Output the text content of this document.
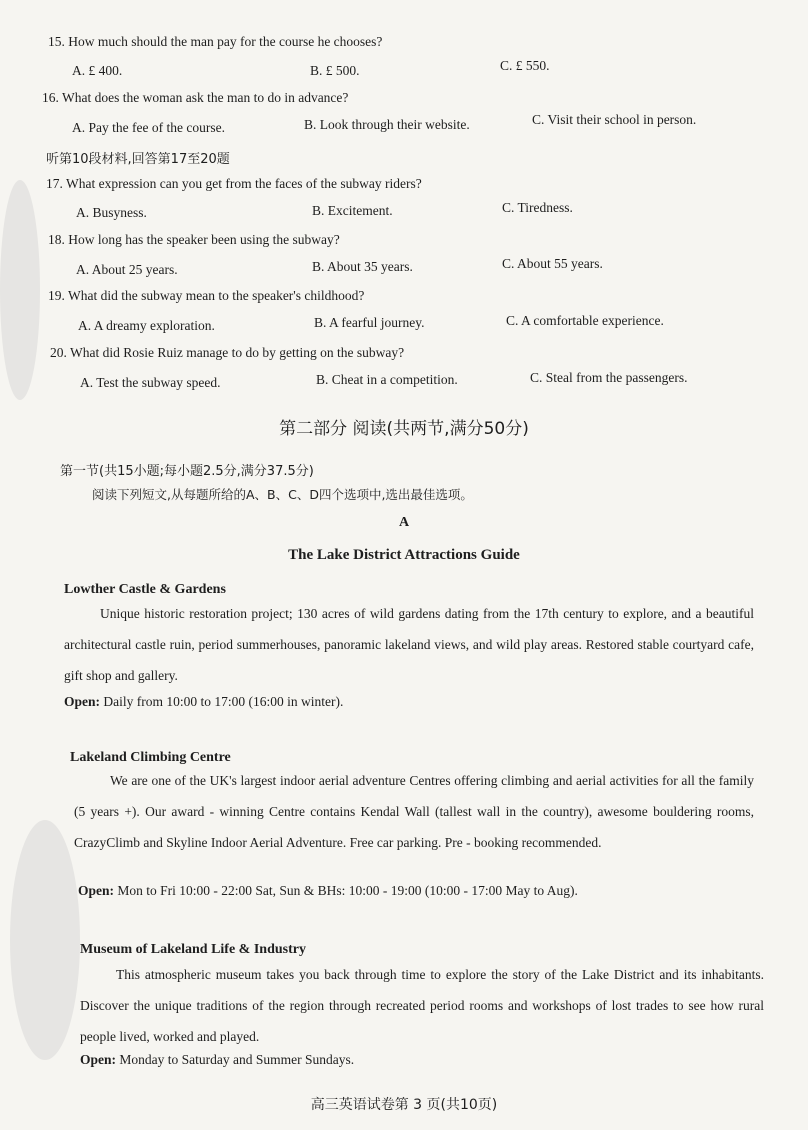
15. How much should the man pay for the course he chooses?
A. £ 400.	B. £ 500.	C. £ 550.
16. What does the woman ask the man to do in advance?
A. Pay the fee of the course.	B. Look through their website.	C. Visit their school in person.
听第10段材料,回答第17至20题
17. What expression can you get from the faces of the subway riders?
A. Busyness.	B. Excitement.	C. Tiredness.
18. How long has the speaker been using the subway?
A. About 25 years.	B. About 35 years.	C. About 55 years.
19. What did the subway mean to the speaker's childhood?
A. A dreamy exploration.	B. A fearful journey.	C. A comfortable experience.
20. What did Rosie Ruiz manage to do by getting on the subway?
A. Test the subway speed.	B. Cheat in a competition.	C. Steal from the passengers.
第二部分 阅读(共两节,满分50分)
第一节(共15小题;每小题2.5分,满分37.5分)
阅读下列短文,从每题所给的A、B、C、D四个选项中,选出最佳选项。
A
The Lake District Attractions Guide
Lowther Castle & Gardens
Unique historic restoration project; 130 acres of wild gardens dating from the 17th century to explore, and a beautiful architectural castle ruin, period summerhouses, panoramic lakeland views, and wild play areas. Restored stable courtyard cafe, gift shop and gallery.
Open: Daily from 10:00 to 17:00 (16:00 in winter).
Lakeland Climbing Centre
We are one of the UK's largest indoor aerial adventure Centres offering climbing and aerial activities for all the family (5 years +). Our award - winning Centre contains Kendal Wall (tallest wall in the country), awesome bouldering rooms, CrazyClimb and Skyline Indoor Aerial Adventure. Free car parking. Pre - booking recommended.
Open: Mon to Fri 10:00 - 22:00 Sat, Sun & BHs: 10:00 - 19:00 (10:00 - 17:00 May to Aug).
Museum of Lakeland Life & Industry
This atmospheric museum takes you back through time to explore the story of the Lake District and its inhabitants. Discover the unique traditions of the region through recreated period rooms and workshops of lost trades to see how rural people lived, worked and played.
Open: Monday to Saturday and Summer Sundays.
高三英语试卷第 3 页(共10页)
